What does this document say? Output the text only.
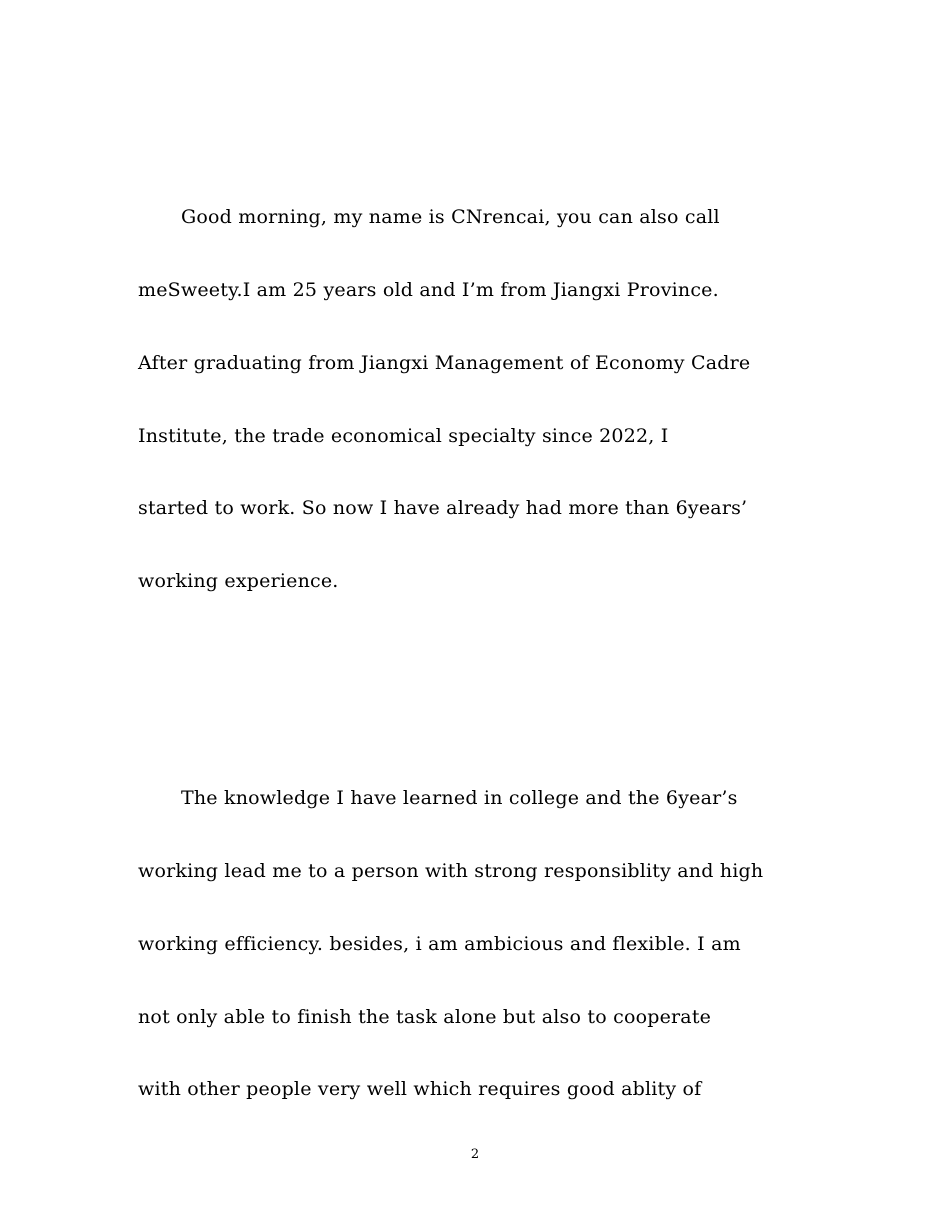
Good morning, my name is CNrencai, you can also call
meSweety.I am 25 years old and I’m from Jiangxi Province.
After graduating from Jiangxi Management of Economy Cadre
Institute, the trade economical specialty since 2022, I
started to work. So now I have already had more than 6years’
working experience.
The knowledge I have learned in college and the 6year’s
working lead me to a person with strong responsiblity and high
working efficiency. besides, i am ambicious and flexible. I am
not only able to finish the task alone but also to cooperate
with other people very well which requires good ablity of
2
